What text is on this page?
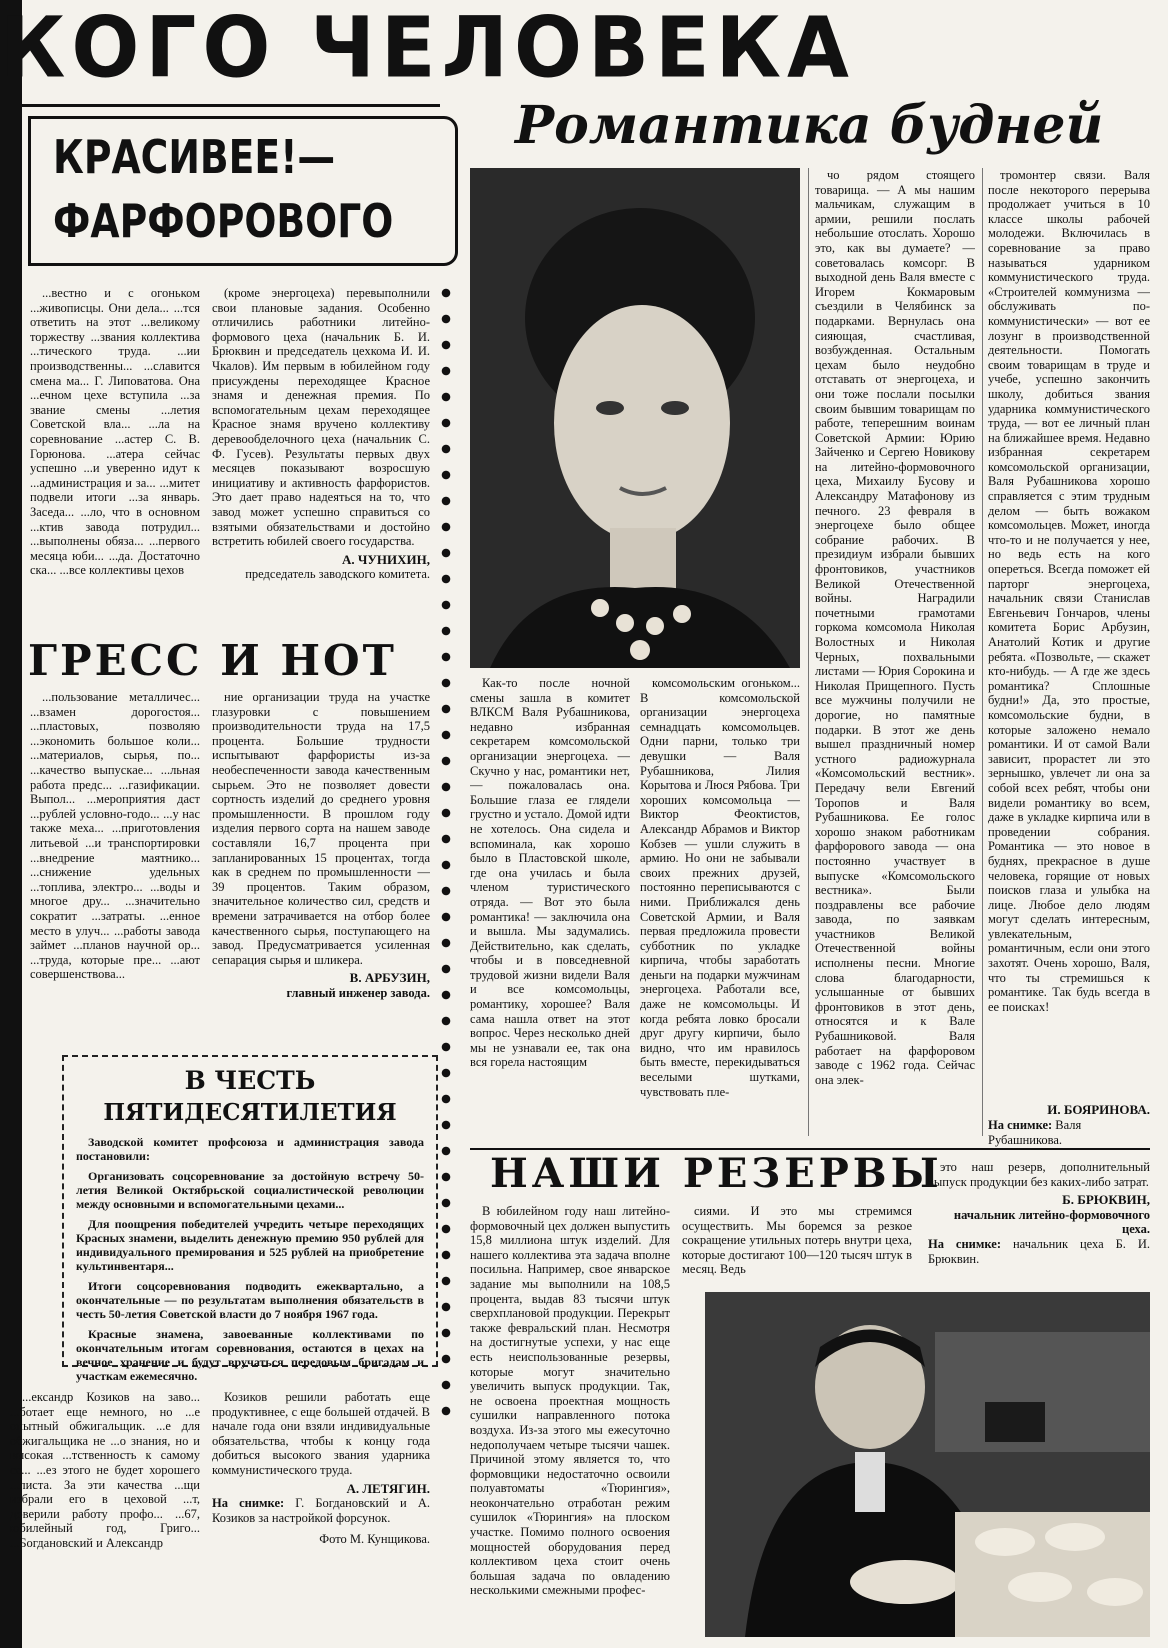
КОГО ЧЕЛОВЕКА
КРАСИВЕЕ!—
ФАРФОРОВОГО
Романтика будней

...вестно и с огоньком ...живописцы. Они дела... ...тся ответить на этот ...великому торжеству ...звания коллектива ...тического труда. ...ии производственны... ...славится смена ма... Г. Липоватова. Она ...ечном цехе вступила ...за звание смены ...летия Советской вла... ...ла на соревнование ...астер С. В. Горюнова. ...атера сейчас успешно ...и уверенно идут к ...администрация и за... ...митет подвели итоги ...за январь. Заседа... ...ло, что в основном ...ктив завода потрудил... ...выполнены обяза... ...первого месяца юби... ...да. Достаточно ска... ...все коллективы цехов

(кроме энергоцеха) перевыполнили свои плановые задания. Особенно отличились работники литейно-формового цеха (начальник Б. И. Брюквин и председатель цехкома И. И. Чкалов). Им первым в юбилейном году присуждены переходящее Красное знамя и денежная премия. По вспомогательным цехам переходящее Красное знамя вручено коллективу деревообделочного цеха (начальник С. Ф. Гусев). Результаты первых двух месяцев показывают возросшую инициативу и активность фарфористов. Это дает право надеяться на то, что завод может успешно справиться со взятыми обязательствами и достойно встретить юбилей своего государства.

А. ЧУНИХИН,
председатель заводского комитета.
ГРЕСС И НОТ

...пользование металличес... ...взамен дорогостоя... ...пластовых, позволяю ...экономить большое коли... ...материалов, сырья, по... ...качество выпускае... ...льная работа предс... ...газификации. Выпол... ...мероприятия даст ...рублей условно-годо... ...у нас также меха... ...приготовления литьевой ...и транспортировки ...внедрение маятнико... ...снижение удельных ...топлива, электро... ...воды и многое дру... ...значительно сократит ...затраты. ...енное место в улуч... ...работы завода займет ...планов научной ор... ...труда, которые пре... ...ают совершенствова...

ние организации труда на участке глазуровки с повышением производительности труда на 17,5 процента. Большие трудности испытывают фарфористы из-за необеспеченности завода качественным сырьем. Это не позволяет довести сортность изделий до среднего уровня промышленности. В прошлом году изделия первого сорта на нашем заводе составляли 16,7 процента при запланированных 15 процентах, тогда как в среднем по промышленности — 39 процентов. Таким образом, значительное количество сил, средств и времени затрачивается на отбор более качественного сырья, поступающего на завод. Предусматривается усиленная сепарация сырья и шликера.

В. АРБУЗИН,
главный инженер завода.
В ЧЕСТЬ
ПЯТИДЕСЯТИЛЕТИЯ

Заводской комитет профсоюза и администрация завода постановили:

Организовать соцсоревнование за достойную встречу 50-летия Великой Октябрьской социалистической революции между основными и вспомогательными цехами...

Для поощрения победителей учредить четыре переходящих Красных знамени, выделить денежную премию 950 рублей для индивидуального премирования и 525 рублей на приобретение культинвентаря...

Итоги соцсоревнования подводить ежеквартально, а окончательные — по результатам выполнения обязательств в честь 50-летия Советской власти до 7 ноября 1967 года.

Красные знамена, завоеванные коллективами по окончательным итогам соревнования, остаются в цехах на вечное хранение и будут вручаться передовым бригадам и участкам ежемесячно.

...ександр Козиков на заво... ...ботает еще немного, но ...е опытный обжигальщик. ...е для обжигальщика не ...о знания, но и высокая ...тственность к самому се... ...ез этого не будет хорошего ...листа. За эти качества ...щи избрали его в цеховой ...т, доверили работу профо... ...67, юбилейный год, Григо... ...Богдановский и Александр

Козиков решили работать еще продуктивнее, с еще большей отдачей. В начале года они взяли индивидуальные обязательства, чтобы к концу года добиться высокого звания ударника коммунистического труда.

А. ЛЕТЯГИН.
На снимке: Г. Богдановский и А. Козиков за настройкой форсунок.
Фото М. Кунщикова.

Как-то после ночной смены зашла в комитет ВЛКСМ Валя Рубашникова, недавно избранная секретарем комсомольской организации энергоцеха. — Скучно у нас, романтики нет,— пожаловалась она. Большие глаза ее глядели грустно и устало. Домой идти не хотелось. Она сидела и вспоминала, как хорошо было в Пластовской школе, где она училась и была членом туристического отряда. — Вот это была романтика! — заключила она и вышла. Мы задумались. Действительно, как сделать, чтобы и в повседневной трудовой жизни видели Валя и все комсомольцы, романтику, хорошее? Валя сама нашла ответ на этот вопрос. Через несколько дней мы не узнавали ее, так она вся горела настоящим

комсомольским огоньком... В комсомольской организации энергоцеха семнадцать комсомольцев. Одни парни, только три девушки — Валя Рубашникова, Лилия Корытова и Люся Рябова. Три хороших комсомольца — Виктор Феоктистов, Александр Абрамов и Виктор Кобзев — ушли служить в армию. Но они не забывали своих прежних друзей, постоянно переписываются с ними. Приближался день Советской Армии, и Валя первая предложила провести субботник по укладке кирпича, чтобы заработать деньги на подарки мужчинам энергоцеха. Работали все, даже не комсомольцы. И когда ребята ловко бросали друг другу кирпичи, было видно, что им нравилось быть вместе, перекидываться веселыми шутками, чувствовать пле-

чо рядом стоящего товарища. — А мы нашим мальчикам, служащим в армии, решили послать небольшие отослать. Хорошо это, как вы думаете? — советовалась комсорг. В выходной день Валя вместе с Игорем Кокмаровым съездили в Челябинск за подарками. Вернулась она сияющая, счастливая, возбужденная. Остальным цехам было неудобно отставать от энергоцеха, и они тоже послали посылки своим бывшим товарищам по работе, теперешним воинам Советской Армии: Юрию Зайченко и Сергею Новикову на литейно-формовочного цеха, Михаилу Бусову и Александру Матафонову из печного. 23 февраля в энергоцехе было общее собрание рабочих. В президиум избрали бывших фронтовиков, участников Великой Отечественной войны. Наградили почетными грамотами горкома комсомола Николая Волостных и Николая Черных, похвальными листами — Юрия Сорокина и Николая Прищепного. Пусть все мужчины получили не дорогие, но памятные подарки. В этот же день вышел праздничный номер устного радиожурнала «Комсомольский вестник». Передачу вели Евгений Торопов и Валя Рубашникова. Ее голос хорошо знаком работникам фарфорового завода — она постоянно участвует в выпуске «Комсомольского вестника». Были поздравлены все рабочие завода, по заявкам участников Великой Отечественной войны исполнены песни. Многие слова благодарности, услышанные от бывших фронтовиков в этот день, относятся и к Вале Рубашниковой. Валя работает на фарфоровом заводе с 1962 года. Сейчас она элек-

тромонтер связи. Валя после некоторого перерыва продолжает учиться в 10 классе школы рабочей молодежи. Включилась в соревнование за право называться ударником коммунистического труда. «Строителей коммунизма — обслуживать по-коммунистически» — вот ее лозунг в производственной деятельности. Помогать своим товарищам в труде и учебе, успешно закончить школу, добиться звания ударника коммунистического труда, — вот ее личный план на ближайшее время. Недавно избранная секретарем комсомольской организации, Валя Рубашникова хорошо справляется с этим трудным делом — быть вожаком комсомольцев. Может, иногда что-то и не получается у нее, но ведь есть на кого опереться. Всегда поможет ей парторг энергоцеха, начальник связи Станислав Евгеньевич Гончаров, члены комитета Борис Арбузин, Анатолий Котик и другие ребята. «Позвольте, — скажет кто-нибудь. — А где же здесь романтика? Сплошные будни!» Да, это простые, комсомольские будни, в которые заложено немало романтики. И от самой Вали зависит, прорастет ли это зернышко, увлечет ли она за собой всех ребят, чтобы они видели романтику во всем, даже в укладке кирпича или в проведении собрания. Романтика — это новое в буднях, прекрасное в душе человека, горящие от новых поисков глаза и улыбка на лице. Любое дело людям могут сделать интересным, увлекательным, романтичным, если они этого захотят. Очень хорошо, Валя, что ты стремишься к романтике. Так будь всегда в ее поисках!

И. БОЯРИНОВА.
На снимке: Валя Рубашникова.
НАШИ РЕЗЕРВЫ

В юбилейном году наш литейно-формовочный цех должен выпустить 15,8 миллиона штук изделий. Для нашего коллектива эта задача вполне посильна. Например, свое январское задание мы выполнили на 108,5 процента, выдав 83 тысячи штук сверхплановой продукции. Перекрыт также февральский план. Несмотря на достигнутые успехи, у нас еще есть неиспользованные резервы, которые могут значительно увеличить выпуск продукции. Так, не освоена проектная мощность сушилки направленного потока воздуха. Из-за этого мы ежесуточно недополучаем четыре тысячи чашек. Причиной этому является то, что формовщики недостаточно освоили полуавтоматы «Тюрингия», неокончательно отработан режим сушилок «Тюрингия» на плоском участке. Помимо полного освоения мощностей оборудования перед коллективом цеха стоит очень большая задача по овладению несколькими смежными профес-

сиями. И это мы стремимся осуществить. Мы боремся за резкое сокращение утильных потерь внутри цеха, которые достигают 100—120 тысяч штук в месяц. Ведь

это наш резерв, дополнительный выпуск продукции без каких-либо затрат.

Б. БРЮКВИН,
начальник литейно-формовочного цеха.
На снимке: начальник цеха Б. И. Брюквин.
